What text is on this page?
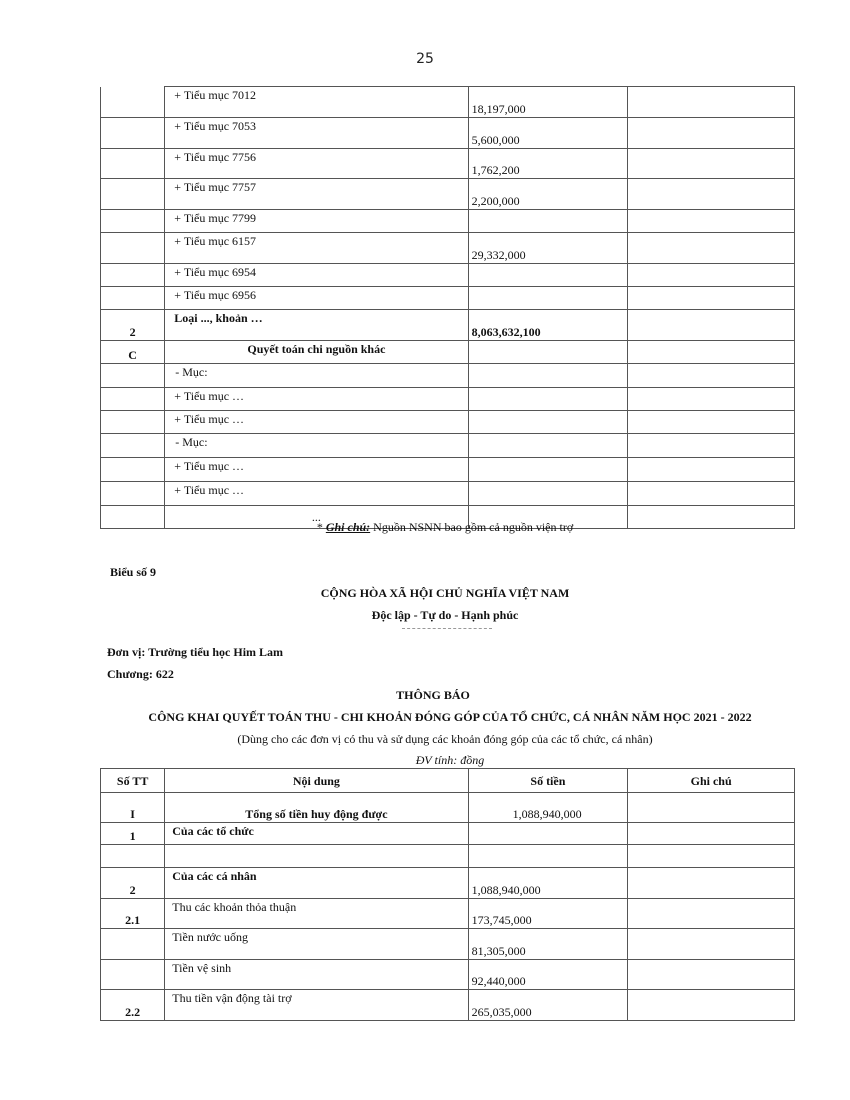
25

	+ Tiểu mục 7012	18,197,000	

	+ Tiểu mục 7053	5,600,000	

	+ Tiểu mục 7756	1,762,200	

	+ Tiểu mục 7757	2,200,000	

	+ Tiểu mục 7799		

	+ Tiểu mục 6157	29,332,000	

	+ Tiểu mục 6954		

	+ Tiểu mục 6956		

2	Loại ..., khoản …	8,063,632,100	

C	Quyết toán chi nguồn khác		

	- Mục:		

	+ Tiểu mục …		

	+ Tiểu mục …		

	- Mục:		

	+ Tiểu mục …		

	+ Tiểu mục …		

	...		

* Ghi chú: Nguồn NSNN bao gồm cả nguồn viện trợ
Biểu số 9
CỘNG HÒA XÃ HỘI CHỦ NGHĨA VIỆT NAM
Độc lập - Tự do - Hạnh phúc
Đơn vị: Trường tiểu học Him Lam
Chương: 622
THÔNG BÁO
CÔNG KHAI QUYẾT TOÁN THU - CHI KHOẢN ĐÓNG GÓP CỦA TỔ CHỨC, CÁ NHÂN NĂM HỌC 2021 - 2022
(Dùng cho các đơn vị có thu và sử dụng các khoản đóng góp của các tổ chức, cá nhân)
ĐV tính: đồng
Số TT	Nội dung	Số tiền	Ghi chú

I	Tổng số tiền huy động được	1,088,940,000	

1	Của các tổ chức		

2	Của các cá nhân	1,088,940,000	

2.1	Thu các khoản thỏa thuận	173,745,000	

	Tiền nước uống	81,305,000	

	Tiền vệ sinh	92,440,000	

2.2	Thu tiền vận động tài trợ	265,035,000	
